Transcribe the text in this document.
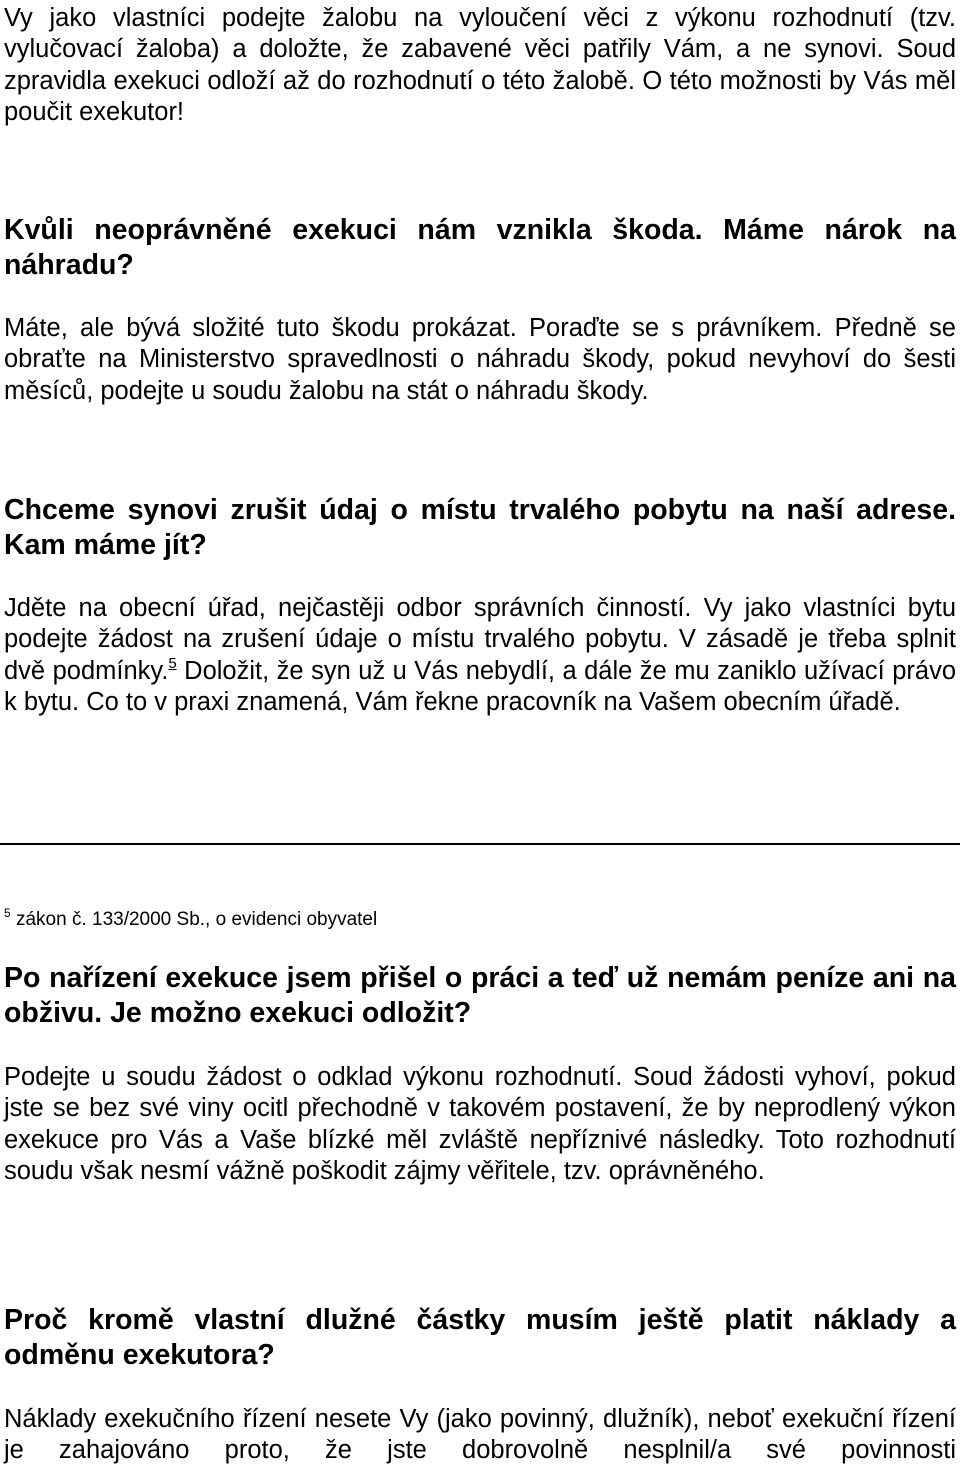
Vy jako vlastníci podejte žalobu na vyloučení věci z výkonu rozhodnutí (tzv. vylučovací žaloba) a doložte, že zabavené věci patřily Vám, a ne synovi. Soud zpravidla exekuci odloží až do rozhodnutí o této žalobě. O této možnosti by Vás měl poučit exekutor!

Kvůli neoprávněné exekuci nám vznikla škoda. Máme nárok na náhradu?

Máte, ale bývá složité tuto škodu prokázat. Poraďte se s právníkem. Předně se obraťte na Ministerstvo spravedlnosti o náhradu škody, pokud nevyhoví do šesti měsíců, podejte u soudu žalobu na stát o náhradu škody.

Chceme synovi zrušit údaj o místu trvalého pobytu na naší adrese. Kam máme jít?

Jděte na obecní úřad, nejčastěji odbor správních činností. Vy jako vlastníci bytu podejte žádost na zrušení údaje o místu trvalého pobytu. V zásadě je třeba splnit dvě podmínky.$^5$ Doložit, že syn už u Vás nebydlí, a dále že mu zaniklo užívací právo k bytu. Co to v praxi znamená, Vám řekne pracovník na Vašem obecním úřadě.

$^5$ zákon č. 133/2000 Sb., o evidenci obyvatel
Po nařízení exekuce jsem přišel o práci a teď už nemám peníze ani na obživu. Je možno exekuci odložit?

Podejte u soudu žádost o odklad výkonu rozhodnutí. Soud žádosti vyhoví, pokud jste se bez své viny ocitl přechodně v takovém postavení, že by neprodlený výkon exekuce pro Vás a Vaše blízké měl zvláště nepříznivé následky. Toto rozhodnutí soudu však nesmí vážně poškodit zájmy věřitele, tzv. oprávněného.

Proč kromě vlastní dlužné částky musím ještě platit náklady a odměnu exekutora?

Náklady exekučního řízení nesete Vy (jako povinný, dlužník), neboť exekuční řízení je zahajováno proto, že jste dobrovolně nesplnil/a své povinnosti
